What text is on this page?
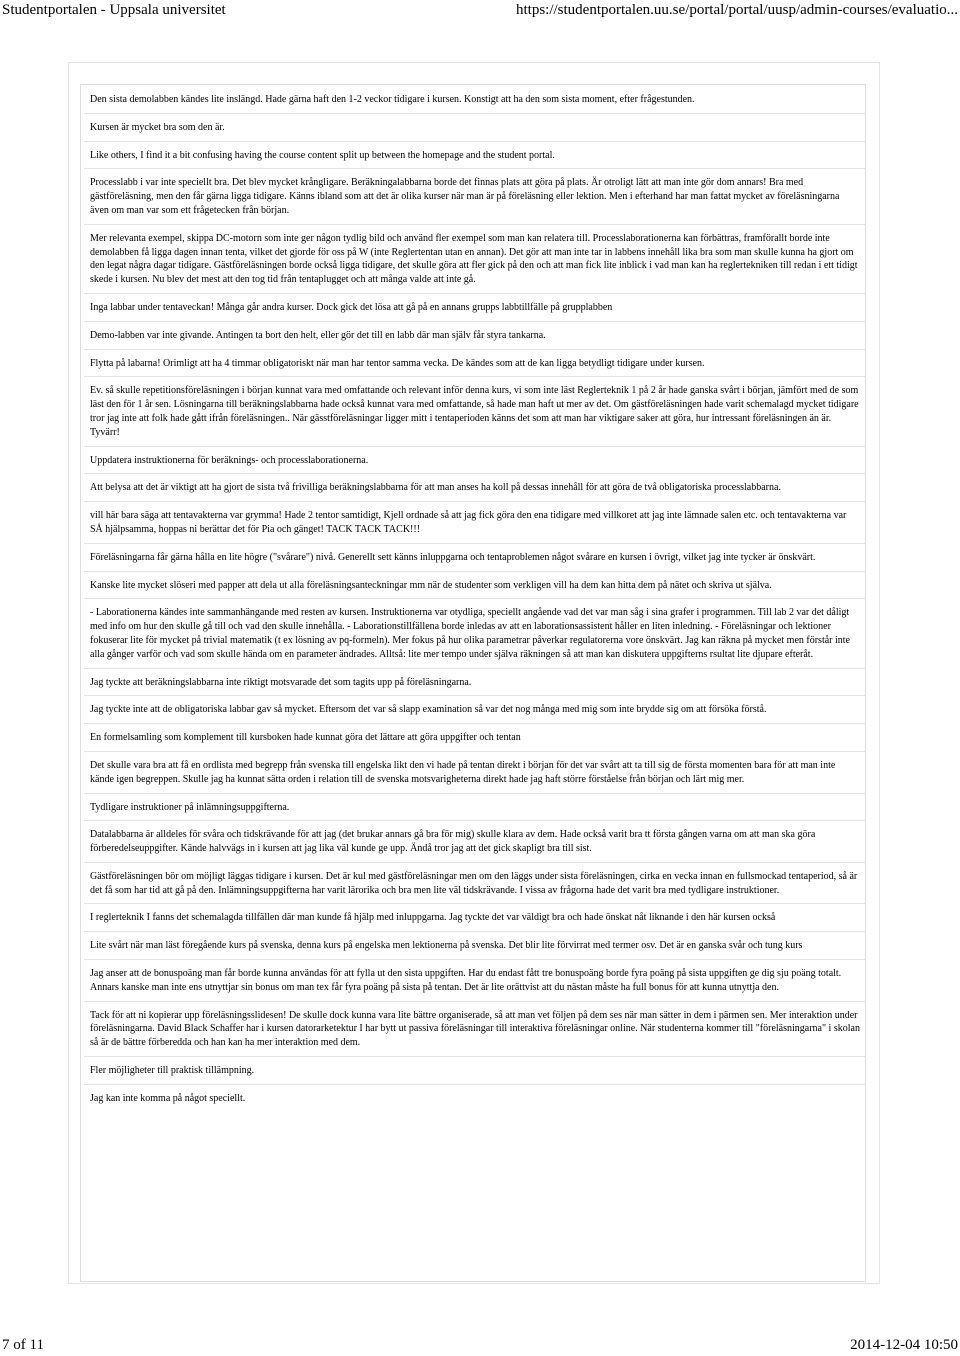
Studentportalen - Uppsala universitet	https://studentportalen.uu.se/portal/portal/uusp/admin-courses/evaluatio...
Den sista demolabben kändes lite inslängd. Hade gärna haft den 1-2 veckor tidigare i kursen. Konstigt att ha den som sista moment, efter frågestunden.
Kursen är mycket bra som den är.
Like others, I find it a bit confusing having the course content split up between the homepage and the student portal.
Processlabb i var inte speciellt bra. Det blev mycket krångligare. Beräkningalabbarna borde det finnas plats att göra på plats. Är otroligt lätt att man inte gör dom annars! Bra med gästföreläsning, men den får gärna ligga tidigare. Känns ibland som att det är olika kurser när man är på föreläsning eller lektion. Men i efterhand har man fattat mycket av föreläsningarna även om man var som ett frågetecken från början.
Mer relevanta exempel, skippa DC-motorn som inte ger någon tydlig bild och använd fler exempel som man kan relatera till. Processlaborationerna kan förbättras, framförallt borde inte demolabben få ligga dagen innan tenta, vilket det gjorde för oss på W (inte Reglertentan utan en annan). Det gör att man inte tar in labbens innehåll lika bra som man skulle kunna ha gjort om den legat några dagar tidigare. Gästföreläsningen borde också ligga tidigare, det skulle göra att fler gick på den och att man fick lite inblick i vad man kan ha reglertekniken till redan i ett tidigt skede i kursen. Nu blev det mest att den tog tid från tentaplugget och att många valde att inte gå.
Inga labbar under tentaveckan! Många går andra kurser. Dock gick det lösa att gå på en annans grupps labbtillfälle på grupplabben
Demo-labben var inte givande. Antingen ta bort den helt, eller gör det till en labb där man själv får styra tankarna.
Flytta på labarna! Orimligt att ha 4 timmar obligatoriskt när man har tentor samma vecka. De kändes som att de kan ligga betydligt tidigare under kursen.
Ev. så skulle repetitionsföreläsningen i början kunnat vara med omfattande och relevant inför denna kurs, vi som inte läst Reglerteknik 1 på 2 år hade ganska svårt i början, jämfört med de som läst den för 1 år sen. Lösningarna till beräkningslabbarna hade också kunnat vara med omfattande, så hade man haft ut mer av det. Om gästföreläsningen hade varit schemalagd mycket tidigare tror jag inte att folk hade gått ifrån föreläsningen.. När gässtföreläsningar ligger mitt i tentaperioden känns det som att man har viktigare saker att göra, hur intressant föreläsningen än är. Tyvärr!
Uppdatera instruktionerna för beräknings- och processlaborationerna.
Att belysa att det är viktigt att ha gjort de sista två frivilliga beräkningslabbarna för att man anses ha koll på dessas innehåll för att göra de två obligatoriska processlabbarna.
vill här bara säga att tentavakterna var grymma! Hade 2 tentor samtidigt, Kjell ordnade så att jag fick göra den ena tidigare med villkoret att jag inte lämnade salen etc. och tentavakterna var SÅ hjälpsamma, hoppas ni berättar det för Pia och gänget! TACK TACK TACK!!!
Föreläsningarna får gärna hålla en lite högre ("svårare") nivå. Generellt sett känns inluppgarna och tentaproblemen något svårare en kursen i övrigt, vilket jag inte tycker är önskvärt.
Kanske lite mycket slöseri med papper att dela ut alla föreläsningsanteckningar mm när de studenter som verkligen vill ha dem kan hitta dem på nätet och skriva ut själva.
- Laborationerna kändes inte sammanhängande med resten av kursen. Instruktionerna var otydliga, speciellt angående vad det var man såg i sina grafer i programmen. Till lab 2 var det dåligt med info om hur den skulle gå till och vad den skulle innehålla. - Laborationstillfällena borde inledas av att en laborationsassistent håller en liten inledning. - Föreläsningar och lektioner fokuserar lite för mycket på trivial matematik (t ex lösning av pq-formeln). Mer fokus på hur olika parametrar påverkar regulatorerna vore önskvärt. Jag kan räkna på mycket men förstår inte alla gånger varför och vad som skulle hända om en parameter ändrades. Alltså: lite mer tempo under själva räkningen så att man kan diskutera uppgifterns rsultat lite djupare efteråt.
Jag tyckte att beräkningslabbarna inte riktigt motsvarade det som tagits upp på föreläsningarna.
Jag tyckte inte att de obligatoriska labbar gav så mycket. Eftersom det var så slapp examination så var det nog många med mig som inte brydde sig om att försöka förstå.
En formelsamling som komplement till kursboken hade kunnat göra det lättare att göra uppgifter och tentan
Det skulle vara bra att få en ordlista med begrepp från svenska till engelska likt den vi hade på tentan direkt i början för det var svårt att ta till sig de första momenten bara för att man inte kände igen begreppen. Skulle jag ha kunnat sätta orden i relation till de svenska motsvarigheterna direkt hade jag haft större förståelse från början och lärt mig mer.
Tydligare instruktioner på inlämningsuppgifterna.
Datalabbarna är alldeles för svåra och tidskrävande för att jag (det brukar annars gå bra för mig) skulle klara av dem. Hade också varit bra tt första gången varna om att man ska göra förberedelseuppgifter. Kände halvvägs in i kursen att jag lika väl kunde ge upp. Ändå tror jag att det gick skapligt bra till sist.
Gästföreläsningen bör om möjligt läggas tidigare i kursen. Det är kul med gästföreläsningar men om den läggs under sista föreläsningen, cirka en vecka innan en fullsmockad tentaperiod, så är det få som har tid att gå på den. Inlämningsuppgifterna har varit lärorika och bra men lite väl tidskrävande. I vissa av frågorna hade det varit bra med tydligare instruktioner.
I reglerteknik I fanns det schemalagda tillfällen där man kunde få hjälp med inluppgarna. Jag tyckte det var väldigt bra och hade önskat nåt liknande i den här kursen också
Lite svårt när man läst föregående kurs på svenska, denna kurs på engelska men lektionerna på svenska. Det blir lite förvirrat med termer osv. Det är en ganska svår och tung kurs
Jag anser att de bonuspoäng man får borde kunna användas för att fylla ut den sista uppgiften. Har du endast fått tre bonuspoäng borde fyra poäng på sista uppgiften ge dig sju poäng totalt. Annars kanske man inte ens utnyttjar sin bonus om man tex får fyra poäng på sista på tentan. Det är lite orättvist att du nästan måste ha full bonus för att kunna utnyttja den.
Tack för att ni kopierar upp föreläsningsslidesen! De skulle dock kunna vara lite bättre organiserade, så att man vet följen på dem ses när man sätter in dem i pärmen sen. Mer interaktion under föreläsningarna. David Black Schaffer har i kursen datorarketektur I har bytt ut passiva föreläsningar till interaktiva föreläsningar online. När studenterna kommer till "föreläsningarna" i skolan så är de bättre förberedda och han kan ha mer interaktion med dem.
Fler möjligheter till praktisk tillämpning.
Jag kan inte komma på något speciellt.
7 of 11	2014-12-04 10:50
